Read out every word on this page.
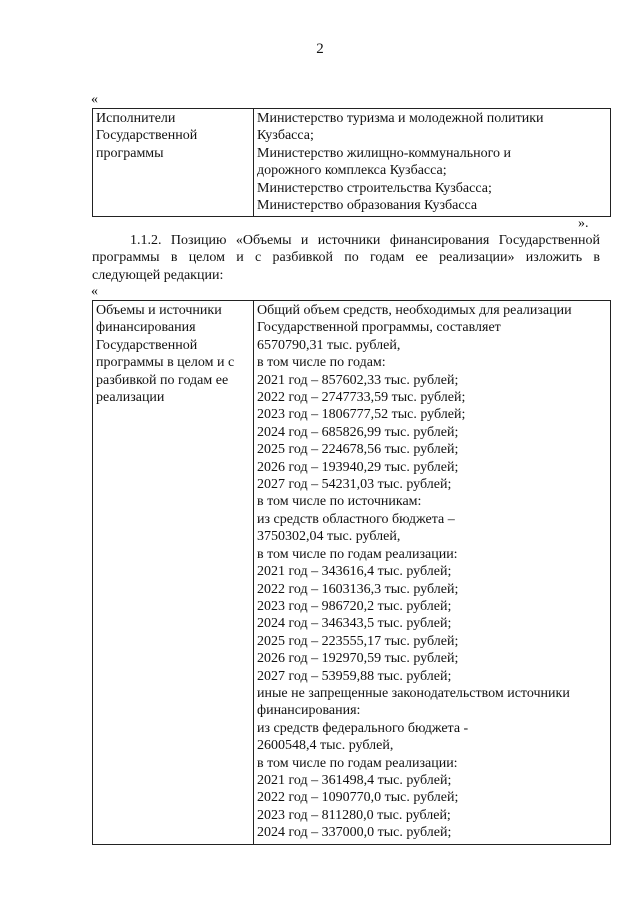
2
«
Исполнители
Государственной
программы

Министерство туризма и молодежной политики
Кузбасса;
Министерство жилищно-коммунального и
дорожного комплекса Кузбасса;
Министерство строительства Кузбасса;
Министерство образования Кузбасса
».
1.1.2. Позицию «Объемы и источники финансирования Государственной
программы в целом и с разбивкой по годам ее реализации» изложить в
следующей редакции:
«
Объемы и источники
финансирования
Государственной
программы в целом и с
разбивкой по годам ее
реализации

Общий объем средств, необходимых для реализации
Государственной программы, составляет
6570790,31 тыс. рублей,
в том числе по годам:
2021 год – 857602,33 тыс. рублей;
2022 год – 2747733,59 тыс. рублей;
2023 год – 1806777,52 тыс. рублей;
2024 год – 685826,99 тыс. рублей;
2025 год – 224678,56 тыс. рублей;
2026 год – 193940,29 тыс. рублей;
2027 год – 54231,03 тыс. рублей;
в том числе по источникам:
из средств областного бюджета –
3750302,04 тыс. рублей,
в том числе по годам реализации:
2021 год – 343616,4 тыс. рублей;
2022 год – 1603136,3 тыс. рублей;
2023 год – 986720,2 тыс. рублей;
2024 год – 346343,5 тыс. рублей;
2025 год – 223555,17 тыс. рублей;
2026 год – 192970,59 тыс. рублей;
2027 год – 53959,88 тыс. рублей;
иные не запрещенные законодательством источники
финансирования:
из средств федерального бюджета -
2600548,4 тыс. рублей,
в том числе по годам реализации:
2021 год – 361498,4 тыс. рублей;
2022 год – 1090770,0 тыс. рублей;
2023 год – 811280,0 тыс. рублей;
2024 год – 337000,0 тыс. рублей;
